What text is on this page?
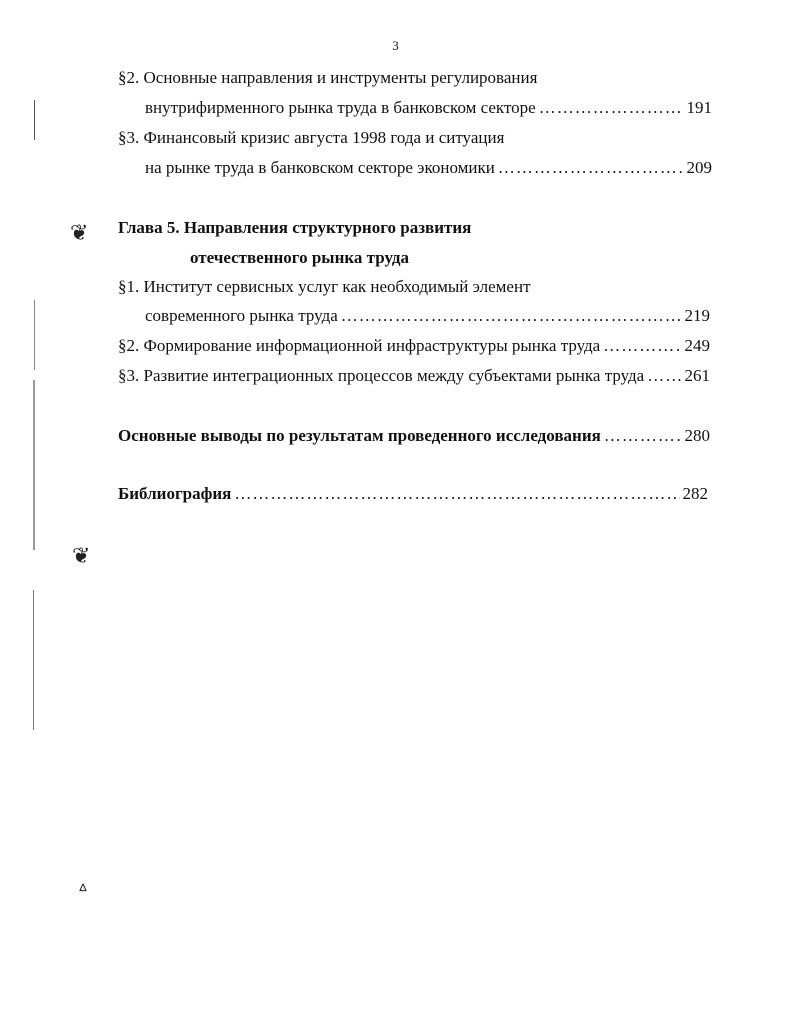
3
§2. Основные направления и инструменты регулирования
внутрифирменного рынка труда в банковском секторе ……………………………………………………………………………………………………………………………………	191
§3. Финансовый кризис августа 1998 года и ситуация
на рынке труда в банковском секторе экономики ……………………………………………………………………………………………………………………………………	209
Глава 5. Направления структурного развития
отечественного рынка труда
§1. Институт сервисных услуг как необходимый элемент
современного рынка труда ……………………………………………………………………………………………………………………………………	219
§2. Формирование информационной инфраструктуры рынка труда ……………………………………………………………………………………………………………………………………	249
§3. Развитие интеграционных процессов между субъектами рынка труда …………………………………………………………………………………………………………………………………… 261
Основные выводы по результатам проведенного исследования ……………………………………………………………………………………………………………………………………	280
Библиография ……………………………………………………………………………………………………………………………………	282
❦
❦
ᐞ
